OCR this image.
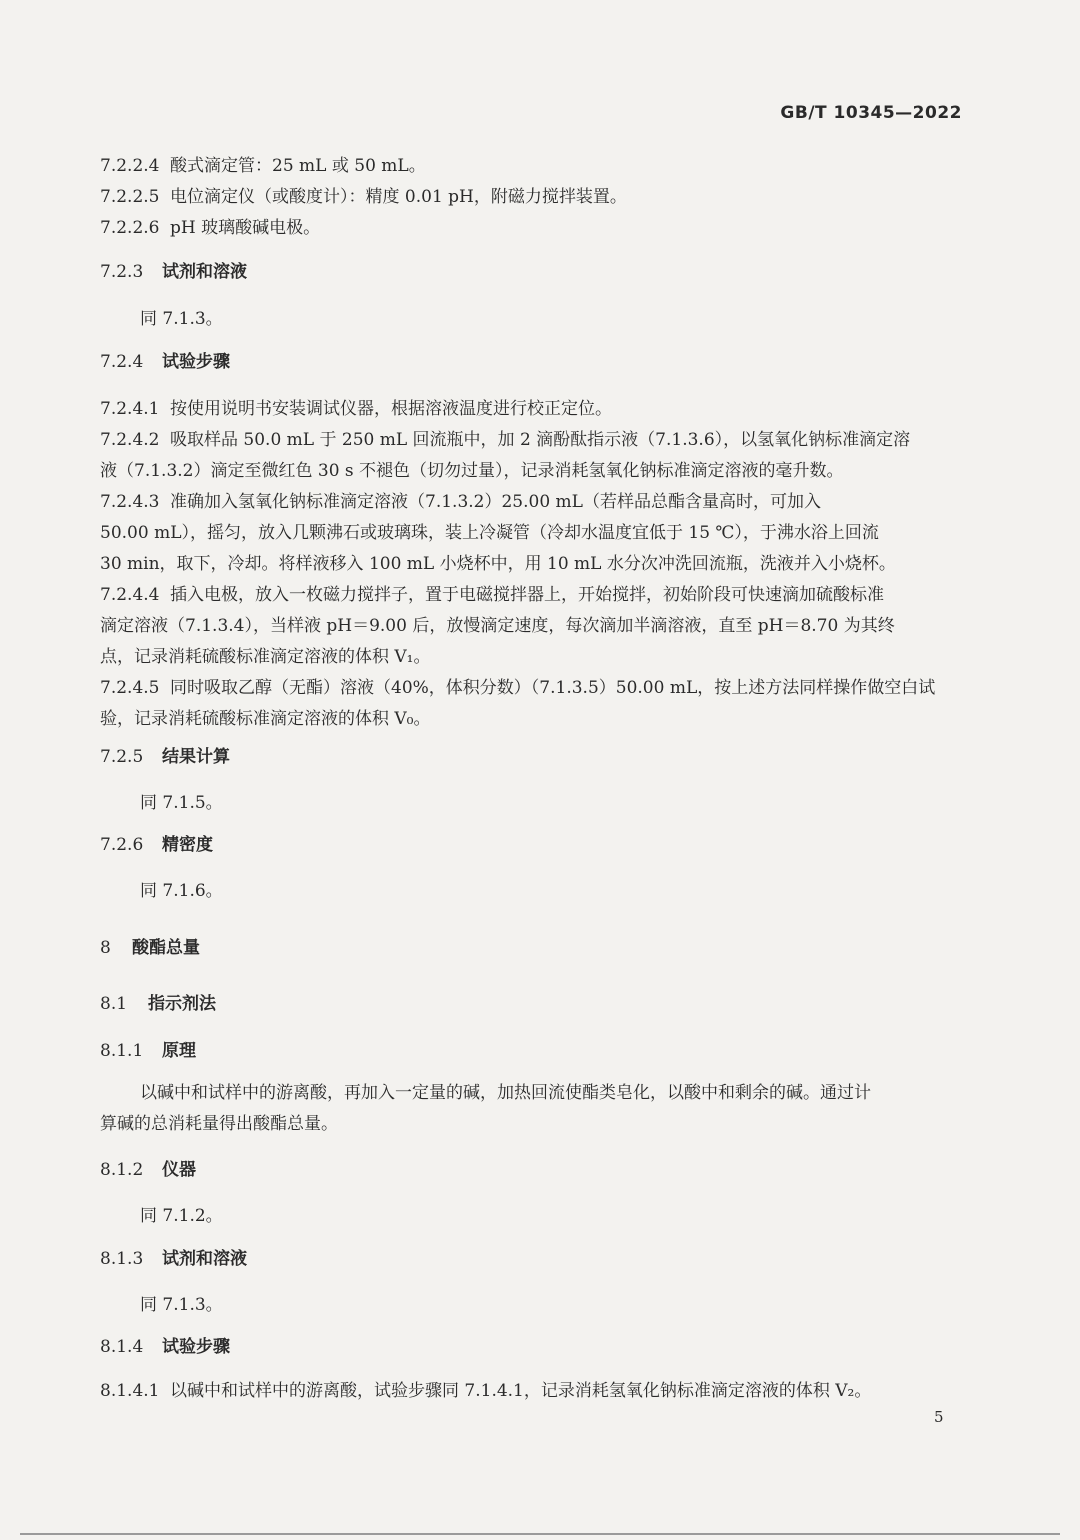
GB/T 10345—2022
7.2.2.4 酸式滴定管：25 mL 或 50 mL。
7.2.2.5 电位滴定仪（或酸度计）：精度 0.01 pH，附磁力搅拌装置。
7.2.2.6 pH 玻璃酸碱电极。
7.2.3 试剂和溶液
同 7.1.3。
7.2.4 试验步骤
7.2.4.1 按使用说明书安装调试仪器，根据溶液温度进行校正定位。
7.2.4.2 吸取样品 50.0 mL 于 250 mL 回流瓶中，加 2 滴酚酞指示液（7.1.3.6），以氢氧化钠标准滴定溶
液（7.1.3.2）滴定至微红色 30 s 不褪色（切勿过量），记录消耗氢氧化钠标准滴定溶液的毫升数。
7.2.4.3 准确加入氢氧化钠标准滴定溶液（7.1.3.2）25.00 mL（若样品总酯含量高时，可加入
50.00 mL），摇匀，放入几颗沸石或玻璃珠，装上冷凝管（冷却水温度宜低于 15 ℃），于沸水浴上回流
30 min，取下，冷却。将样液移入 100 mL 小烧杯中，用 10 mL 水分次冲洗回流瓶，洗液并入小烧杯。
7.2.4.4 插入电极，放入一枚磁力搅拌子，置于电磁搅拌器上，开始搅拌，初始阶段可快速滴加硫酸标准
滴定溶液（7.1.3.4），当样液 pH＝9.00 后，放慢滴定速度，每次滴加半滴溶液，直至 pH＝8.70 为其终
点，记录消耗硫酸标准滴定溶液的体积 V₁。
7.2.4.5 同时吸取乙醇（无酯）溶液（40%，体积分数）（7.1.3.5）50.00 mL，按上述方法同样操作做空白试
验，记录消耗硫酸标准滴定溶液的体积 V₀。
7.2.5 结果计算
同 7.1.5。
7.2.6 精密度
同 7.1.6。
8 酸酯总量
8.1 指示剂法
8.1.1 原理
以碱中和试样中的游离酸，再加入一定量的碱，加热回流使酯类皂化，以酸中和剩余的碱。通过计
算碱的总消耗量得出酸酯总量。
8.1.2 仪器
同 7.1.2。
8.1.3 试剂和溶液
同 7.1.3。
8.1.4 试验步骤
8.1.4.1 以碱中和试样中的游离酸，试验步骤同 7.1.4.1，记录消耗氢氧化钠标准滴定溶液的体积 V₂。
5
